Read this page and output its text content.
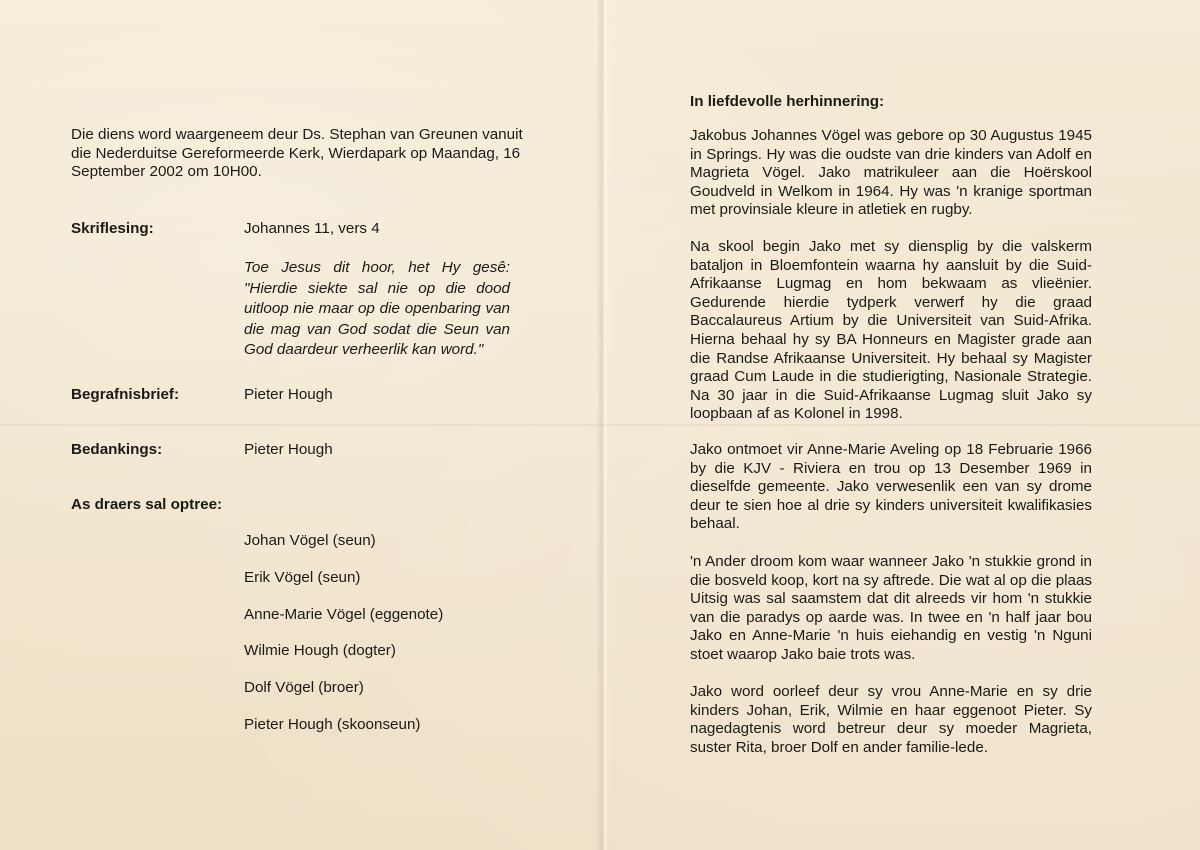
Die diens word waargeneem deur Ds. Stephan van Greunen vanuit die Nederduitse Gereformeerde Kerk, Wierdapark op Maandag, 16 September 2002 om 10H00.

Skriflesing:	Johannes 11, vers 4

Toe Jesus dit hoor, het Hy gesê: "Hierdie siekte sal nie op die dood uitloop nie maar op die openbaring van die mag van God sodat die Seun van God daardeur verheerlik kan word."

Begrafnisbrief:	Pieter Hough

Bedankings:	Pieter Hough

As draers sal optree:

Johan Vögel (seun)

Erik Vögel (seun)

Anne-Marie Vögel (eggenote)

Wilmie Hough (dogter)

Dolf Vögel (broer)

Pieter Hough (skoonseun)

In liefdevolle herhinnering:

Jakobus Johannes Vögel was gebore op 30 Augustus 1945 in Springs. Hy was die oudste van drie kinders van Adolf en Magrieta Vögel. Jako matrikuleer aan die Hoërskool Goudveld in Welkom in 1964. Hy was 'n kranige sportman met provinsiale kleure in atletiek en rugby.

Na skool begin Jako met sy diensplig by die valskerm bataljon in Bloemfontein waarna hy aansluit by die Suid-Afrikaanse Lugmag en hom bekwaam as vlieënier. Gedurende hierdie tydperk verwerf hy die graad Baccalaureus Artium by die Universiteit van Suid-Afrika. Hierna behaal hy sy BA Honneurs en Magister grade aan die Randse Afrikaanse Universiteit. Hy behaal sy Magister graad Cum Laude in die studierigting, Nasionale Strategie. Na 30 jaar in die Suid-Afrikaanse Lugmag sluit Jako sy loopbaan af as Kolonel in 1998.

Jako ontmoet vir Anne-Marie Aveling op 18 Februarie 1966 by die KJV - Riviera en trou op 13 Desember 1969 in dieselfde gemeente. Jako verwesenlik een van sy drome deur te sien hoe al drie sy kinders universiteit kwalifikasies behaal.

'n Ander droom kom waar wanneer Jako 'n stukkie grond in die bosveld koop, kort na sy aftrede. Die wat al op die plaas Uitsig was sal saamstem dat dit alreeds vir hom 'n stukkie van die paradys op aarde was. In twee en 'n half jaar bou Jako en Anne-Marie 'n huis eiehandig en vestig 'n Nguni stoet waarop Jako baie trots was.

Jako word oorleef deur sy vrou Anne-Marie en sy drie kinders Johan, Erik, Wilmie en haar eggenoot Pieter. Sy nagedagtenis word betreur deur sy moeder Magrieta, suster Rita, broer Dolf en ander familie-lede.
